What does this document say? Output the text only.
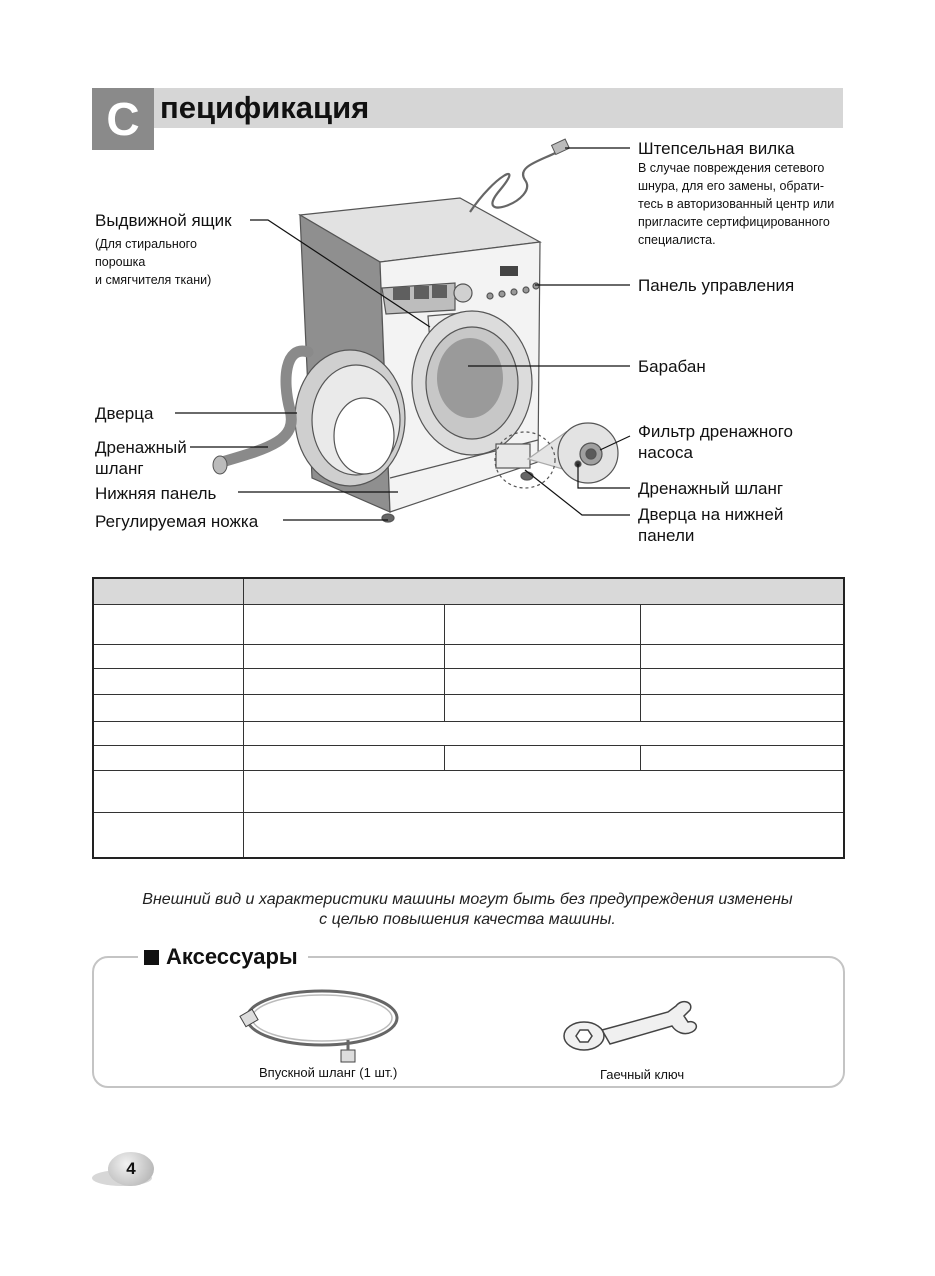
С пецификация
Штепсельная вилка
В случае повреждения сетевого
шнура, для его замены, обрати-
тесь в авторизованный центр или
пригласите сертифицированного
специалиста.
Выдвижной ящик
(Для стирального
порошка
и смягчителя ткани)	Панель управления
Барабан
Дверца
Дренажный
шланг
Нижняя панель
Регулируемая ножка
Фильтр дренажного
насоса
Дренажный шланг
Дверца на нижней
панели

Внешний вид и характеристики машины могут быть без предупреждения изменены
с целью повышения качества машины.
Аксессуары
Впускной шланг (1 шт.)	Гаечный ключ
4
